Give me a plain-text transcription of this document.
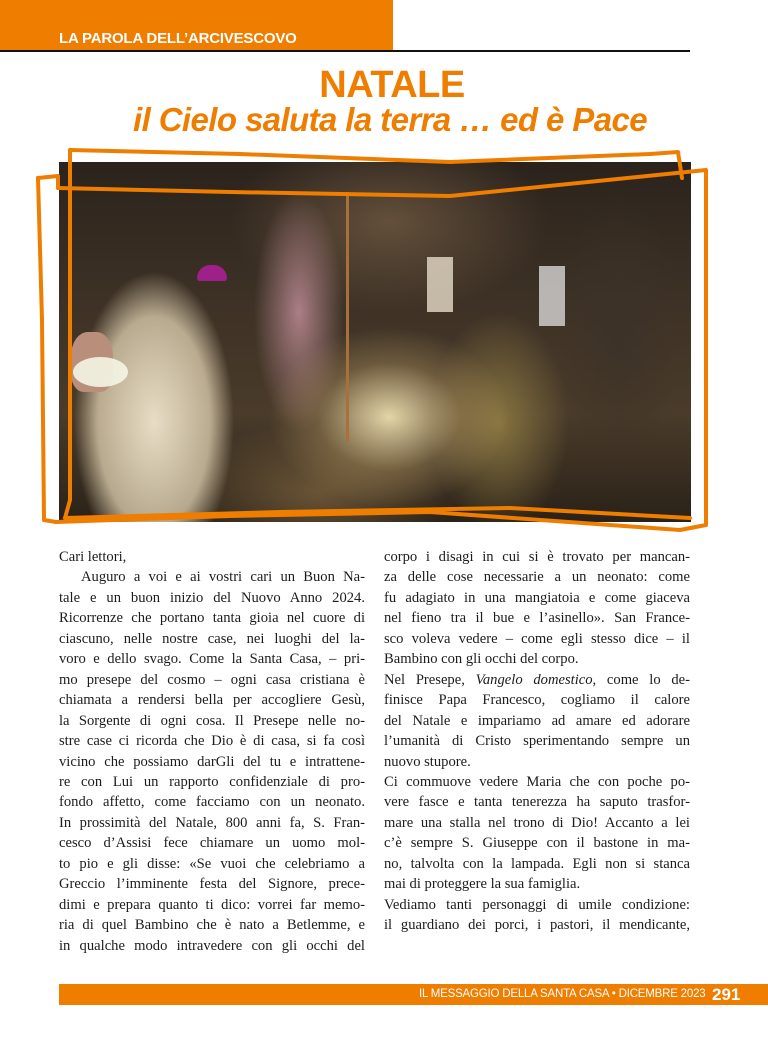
LA PAROLA DELL’ARCIVESCOVO
NATALE
il Cielo saluta la terra … ed è Pace

Cari lettori,

Auguro a voi e ai vostri cari un Buon Na-
tale e un buon inizio del Nuovo Anno 2024.
Ricorrenze che portano tanta gioia nel cuore di
ciascuno, nelle nostre case, nei luoghi del la-
voro e dello svago. Come la Santa Casa, – pri-
mo presepe del cosmo – ogni casa cristiana è
chiamata a rendersi bella per accogliere Gesù,
la Sorgente di ogni cosa. Il Presepe nelle no-
stre case ci ricorda che Dio è di casa, si fa così
vicino che possiamo darGli del tu e intrattene-
re con Lui un rapporto confidenziale di pro-
fondo affetto, come facciamo con un neonato.

In prossimità del Natale, 800 anni fa, S. Fran-
cesco d’Assisi fece chiamare un uomo mol-
to pio e gli disse: «Se vuoi che celebriamo a
Greccio l’imminente festa del Signore, prece-
dimi e prepara quanto ti dico: vorrei far memo-
ria di quel Bambino che è nato a Betlemme, e
in qualche modo intravedere con gli occhi del

corpo i disagi in cui si è trovato per mancan-
za delle cose necessarie a un neonato: come
fu adagiato in una mangiatoia e come giaceva
nel fieno tra il bue e l’asinello». San France-
sco voleva vedere – come egli stesso dice – il
Bambino con gli occhi del corpo.

Nel Presepe, Vangelo domestico, come lo de-
finisce Papa Francesco, cogliamo il calore
del Natale e impariamo ad amare ed adorare
l’umanità di Cristo sperimentando sempre un
nuovo stupore.

Ci commuove vedere Maria che con poche po-
vere fasce e tanta tenerezza ha saputo trasfor-
mare una stalla nel trono di Dio! Accanto a lei
c’è sempre S. Giuseppe con il bastone in ma-
no, talvolta con la lampada. Egli non si stanca
mai di proteggere la sua famiglia.

Vediamo tanti personaggi di umile condizione:
il guardiano dei porci, i pastori, il mendicante,

IL MESSAGGIO DELLA SANTA CASA • DICEMBRE 2023 291
